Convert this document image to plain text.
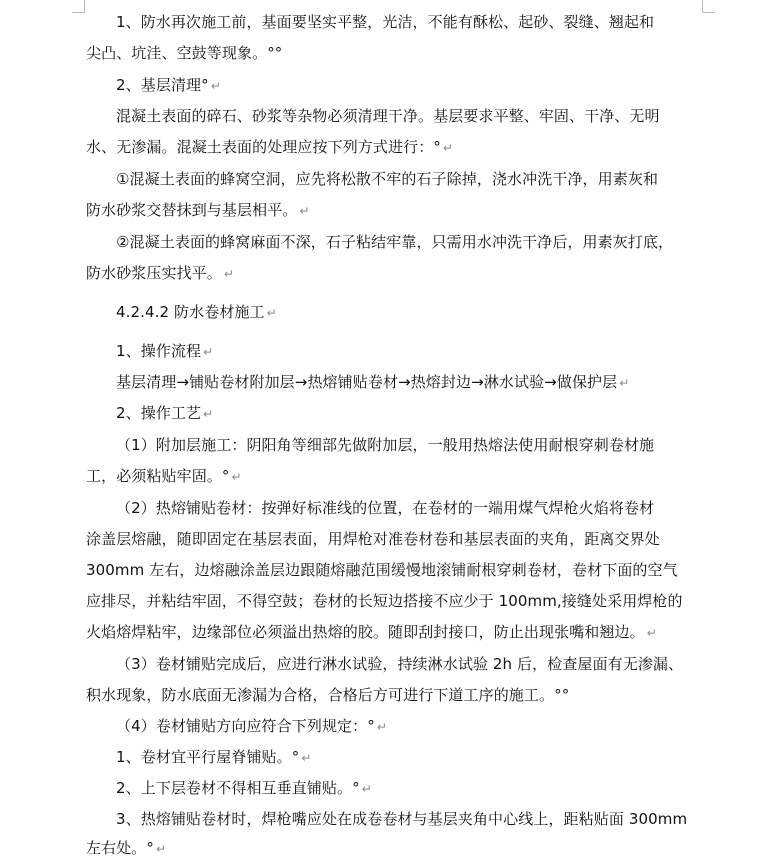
1、防水再次施工前，基面要坚实平整，光洁，不能有酥松、起砂、裂缝、翘起和
尖凸、坑洼、空鼓等现象。°°
2、基层清理° ↵
混凝土表面的碎石、砂浆等杂物必须清理干净。基层要求平整、牢固、干净、无明
水、无渗漏。混凝土表面的处理应按下列方式进行：° ↵
①混凝土表面的蜂窝空洞，应先将松散不牢的石子除掉，浇水冲洗干净，用素灰和
防水砂浆交替抹到与基层相平。 ↵
②混凝土表面的蜂窝麻面不深，石子粘结牢靠，只需用水冲洗干净后，用素灰打底，
防水砂浆压实找平。 ↵
4.2.4.2 防水卷材施工 ↵
1、操作流程 ↵
基层清理→铺贴卷材附加层→热熔铺贴卷材→热熔封边→淋水试验→做保护层 ↵
2、操作工艺 ↵
（1）附加层施工：阴阳角等细部先做附加层，一般用热熔法使用耐根穿刺卷材施
工，必须粘贴牢固。° ↵
（2）热熔铺贴卷材：按弹好标准线的位置，在卷材的一端用煤气焊枪火焰将卷材
涂盖层熔融，随即固定在基层表面，用焊枪对准卷材卷和基层表面的夹角，距离交界处
300mm 左右，边熔融涂盖层边跟随熔融范围缓慢地滚铺耐根穿刺卷材，卷材下面的空气
应排尽，并粘结牢固，不得空鼓；卷材的长短边搭接不应少于 100mm,接缝处采用焊枪的
火焰熔焊粘牢，边缘部位必须溢出热熔的胶。随即刮封接口，防止出现张嘴和翘边。 ↵
（3）卷材铺贴完成后，应进行淋水试验，持续淋水试验 2h 后，检查屋面有无渗漏、
积水现象，防水底面无渗漏为合格，合格后方可进行下道工序的施工。°°
（4）卷材铺贴方向应符合下列规定：° ↵
1、卷材宜平行屋脊铺贴。° ↵
2、上下层卷材不得相互垂直铺贴。° ↵
3、热熔铺贴卷材时，焊枪嘴应处在成卷卷材与基层夹角中心线上，距粘贴面 300mm
左右处。° ↵
